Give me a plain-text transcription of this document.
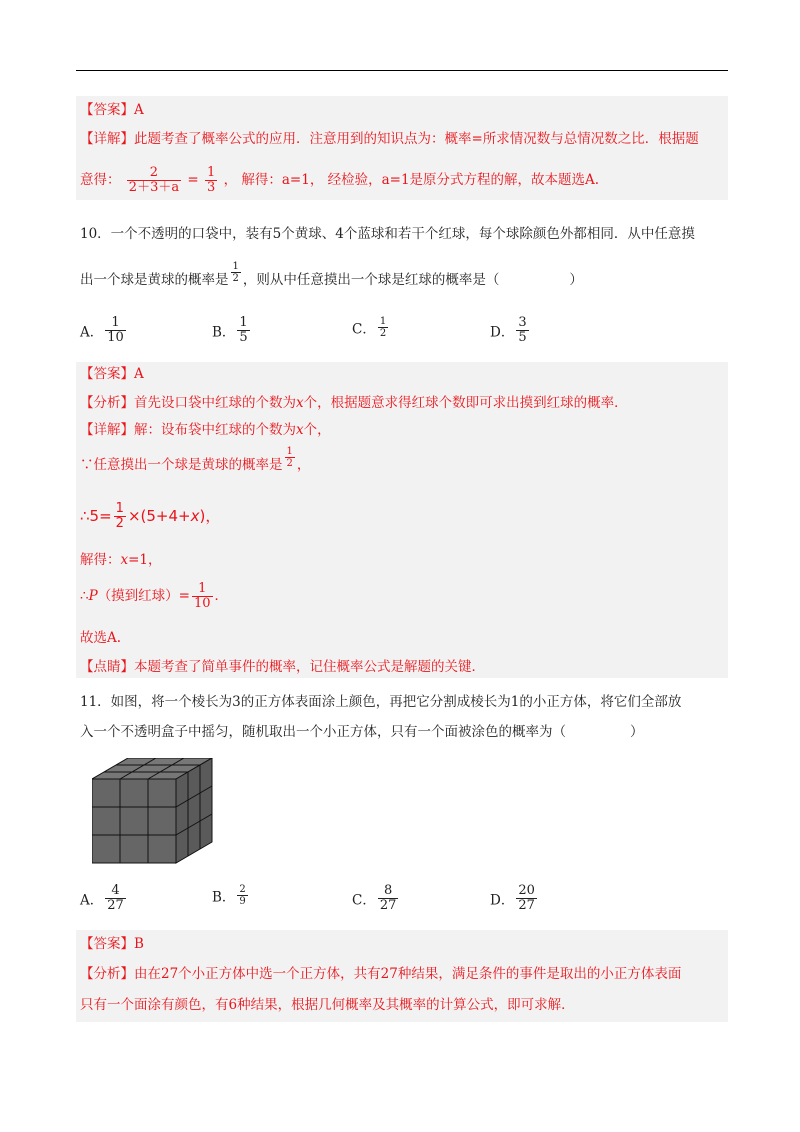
【答案】A
【详解】此题考查了概率公式的应用．注意用到的知识点为：概率=所求情况数与总情况数之比．根据题
意得： $\frac{2}{2+3+a} = \frac{1}{3}$ ， 解得：a=1， 经检验，a=1是原分式方程的解，故本题选A.
10．一个不透明的口袋中，装有5个黄球、4个蓝球和若干个红球，每个球除颜色外都相同．从中任意摸
出一个球是黄球的概率是 $\frac{1}{2}$ ，则从中任意摸出一个球是红球的概率是（	）
A． $\frac{1}{10}$	B． $\frac{1}{5}$	C． $\frac{1}{2}$	D． $\frac{3}{5}$
【答案】A
【分析】首先设口袋中红球的个数为x个，根据题意求得红球个数即可求出摸到红球的概率．
【详解】解：设布袋中红球的个数为x个，
∵任意摸出一个球是黄球的概率是 $\frac{1}{2}$ ，
∴5= $\frac{1}{2} \times(5+4+x)$，
解得：x=1，
∴P（摸到红球）= $\frac{1}{10}$ ．
故选A.
【点睛】本题考查了简单事件的概率，记住概率公式是解题的关键．
11．如图，将一个棱长为3的正方体表面涂上颜色，再把它分割成棱长为1的小正方体，将它们全部放
入一个不透明盒子中摇匀，随机取出一个小正方体，只有一个面被涂色的概率为（	）
A． $\frac{4}{27}$	B． $\frac{2}{9}$	C． $\frac{8}{27}$	D． $\frac{20}{27}$
【答案】B
【分析】由在27个小正方体中选一个正方体，共有27种结果，满足条件的事件是取出的小正方体表面
只有一个面涂有颜色，有6种结果，根据几何概率及其概率的计算公式，即可求解．
